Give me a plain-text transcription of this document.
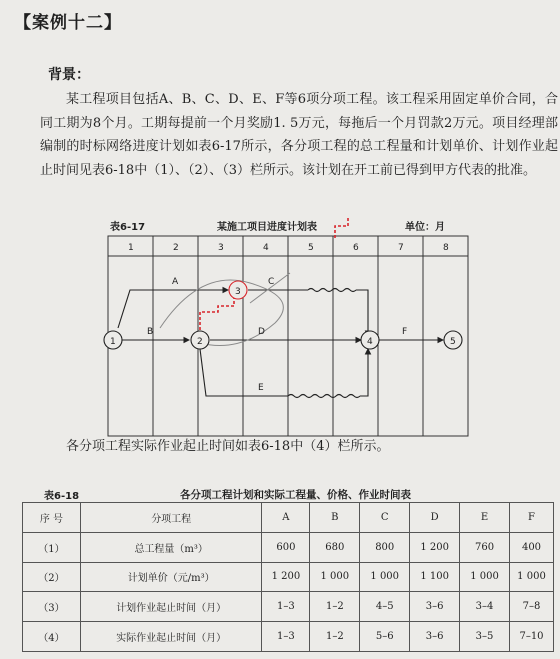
【案例十二】
背景：

某工程项目包括A、B、C、D、E、F等6项分项工程。该工程采用固定单价合同，合同工期为8个月。工期每提前一个月奖励1. 5万元，每拖后一个月罚款2万元。项目经理部编制的时标网络进度计划如表6-17所示，各分项工程的总工程量和计划单价、计划作业起止时间见表6-18中（1）、（2）、（3）栏所示。该计划在开工前已得到甲方代表的批准。

表6-17	某施工项目进度计划表	单位：月
1	2	3	4	5	6	7	8
1	2
3
4	5
A
B
C
D
E
F

各分项工程实际作业起止时间如表6-18中（4）栏所示。

表6-18	各分项工程计划和实际工程量、价格、作业时间表
序 号	分项工程	A	B	C	D	E	F
（1）	总工程量（m³）	600	680	800	1 200	760	400
（2）	计划单价（元/m³）	1 200	1 000	1 000	1 100	1 000	1 000
（3）	计划作业起止时间（月）	1–3	1–2	4–5	3–6	3–4	7–8
（4）	实际作业起止时间（月）	1–3	1–2	5–6	3–6	3–5	7–10
